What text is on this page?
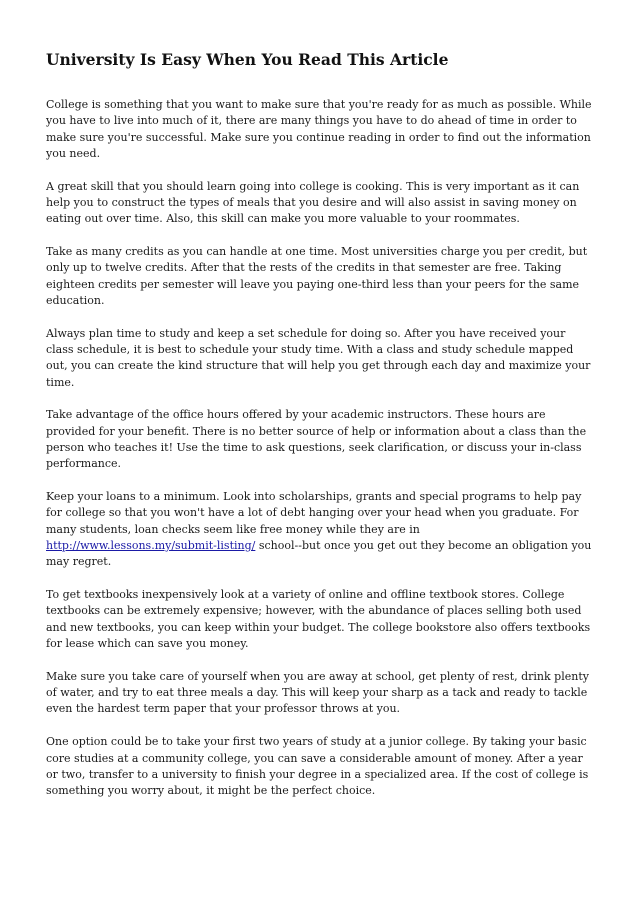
University Is Easy When You Read This Article

College is something that you want to make sure that you're ready for as much as possible. While you have to live into much of it, there are many things you have to do ahead of time in order to make sure you're successful. Make sure you continue reading in order to find out the information you need.

A great skill that you should learn going into college is cooking. This is very important as it can help you to construct the types of meals that you desire and will also assist in saving money on eating out over time. Also, this skill can make you more valuable to your roommates.

Take as many credits as you can handle at one time. Most universities charge you per credit, but only up to twelve credits. After that the rests of the credits in that semester are free. Taking eighteen credits per semester will leave you paying one-third less than your peers for the same education.

Always plan time to study and keep a set schedule for doing so. After you have received your class schedule, it is best to schedule your study time. With a class and study schedule mapped out, you can create the kind structure that will help you get through each day and maximize your time.

Take advantage of the office hours offered by your academic instructors. These hours are provided for your benefit. There is no better source of help or information about a class than the person who teaches it! Use the time to ask questions, seek clarification, or discuss your in-class performance.

Keep your loans to a minimum. Look into scholarships, grants and special programs to help pay for college so that you won't have a lot of debt hanging over your head when you graduate. For many students, loan checks seem like free money while they are in http://www.lessons.my/submit-listing/ school--but once you get out they become an obligation you may regret.

To get textbooks inexpensively look at a variety of online and offline textbook stores. College textbooks can be extremely expensive; however, with the abundance of places selling both used and new textbooks, you can keep within your budget. The college bookstore also offers textbooks for lease which can save you money.

Make sure you take care of yourself when you are away at school, get plenty of rest, drink plenty of water, and try to eat three meals a day. This will keep your sharp as a tack and ready to tackle even the hardest term paper that your professor throws at you.

One option could be to take your first two years of study at a junior college. By taking your basic core studies at a community college, you can save a considerable amount of money. After a year or two, transfer to a university to finish your degree in a specialized area. If the cost of college is something you worry about, it might be the perfect choice.
